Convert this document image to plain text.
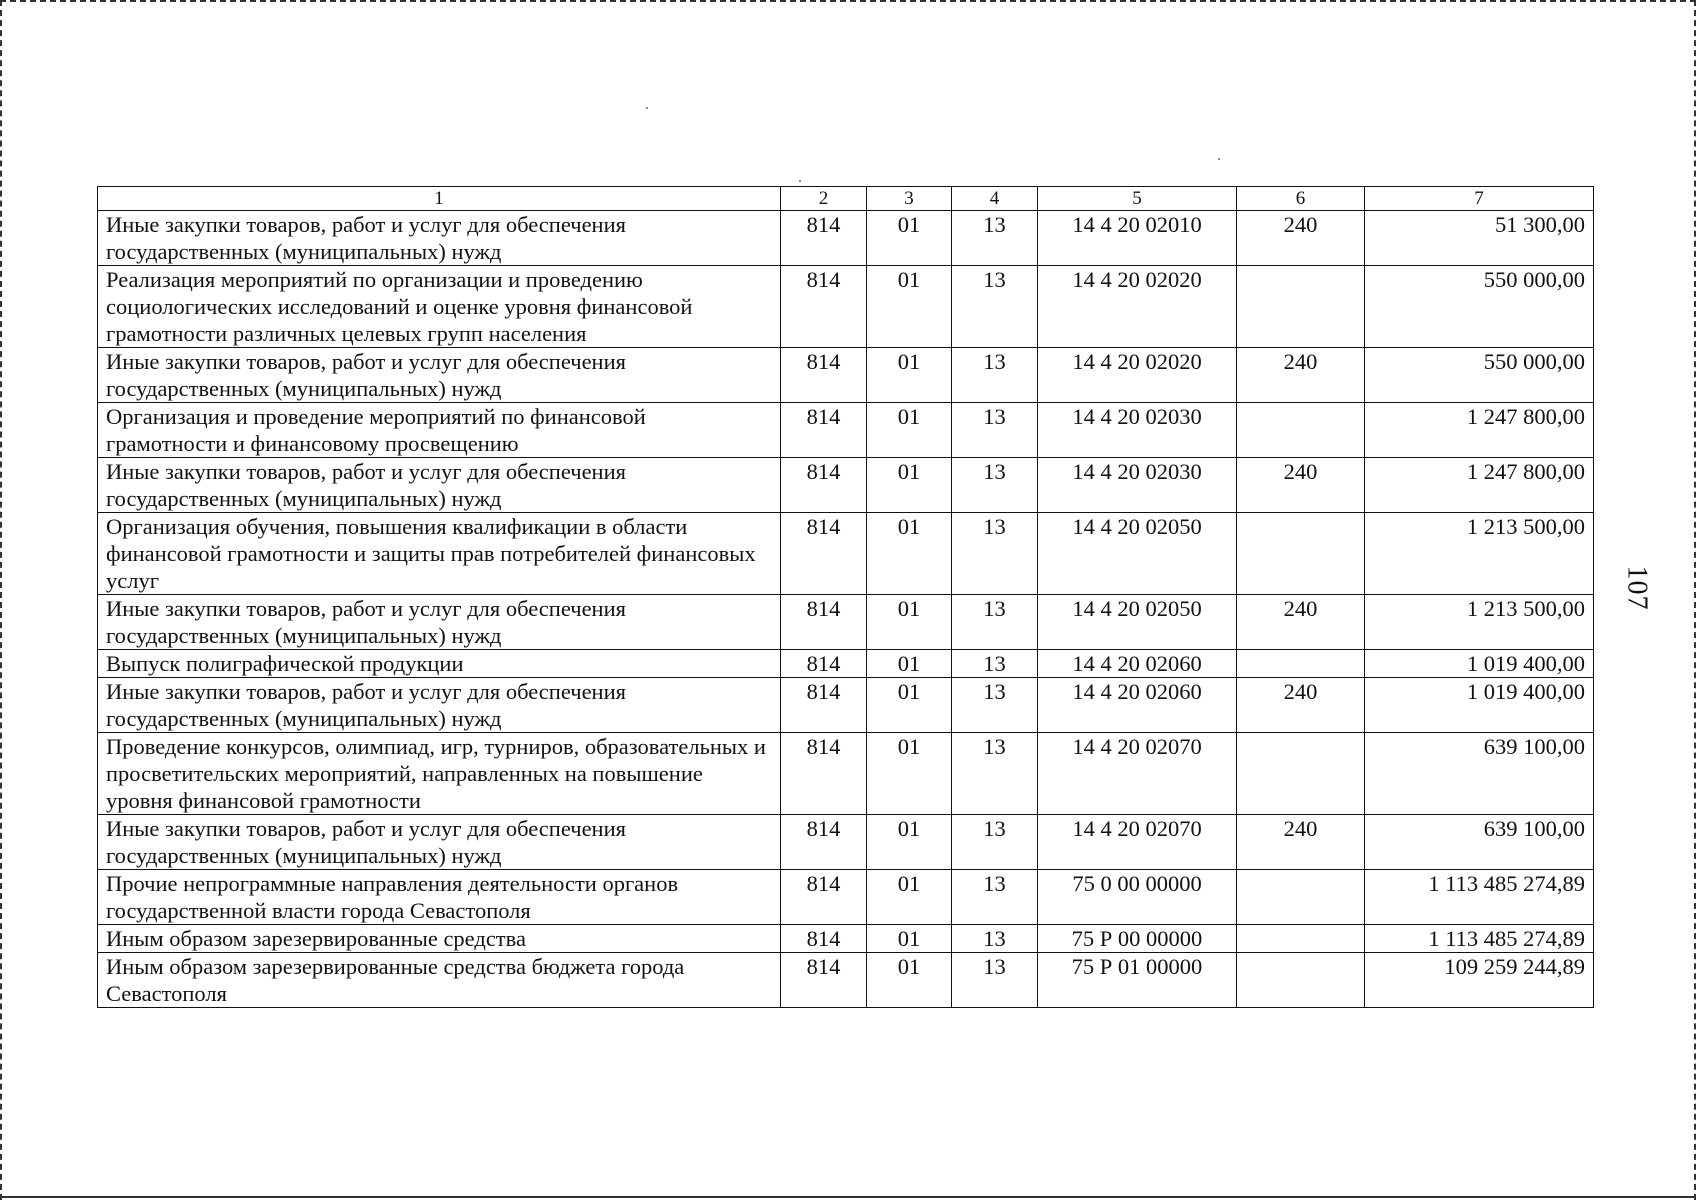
1	2	3	4	5	6	7
Иные закупки товаров, работ и услуг для обеспечения государственных (муниципальных) нужд	814	01	13	14 4 20 02010	240	51 300,00
Реализация мероприятий по организации и проведению социологических исследований и оценке уровня финансовой грамотности различных целевых групп населения	814	01	13	14 4 20 02020		550 000,00
Иные закупки товаров, работ и услуг для обеспечения государственных (муниципальных) нужд	814	01	13	14 4 20 02020	240	550 000,00
Организация и проведение мероприятий по финансовой грамотности и финансовому просвещению	814	01	13	14 4 20 02030		1 247 800,00
Иные закупки товаров, работ и услуг для обеспечения государственных (муниципальных) нужд	814	01	13	14 4 20 02030	240	1 247 800,00
Организация обучения, повышения квалификации в области финансовой грамотности и защиты прав потребителей финансовых услуг	814	01	13	14 4 20 02050		1 213 500,00
Иные закупки товаров, работ и услуг для обеспечения государственных (муниципальных) нужд	814	01	13	14 4 20 02050	240	1 213 500,00
Выпуск полиграфической продукции	814	01	13	14 4 20 02060		1 019 400,00
Иные закупки товаров, работ и услуг для обеспечения государственных (муниципальных) нужд	814	01	13	14 4 20 02060	240	1 019 400,00
Проведение конкурсов, олимпиад, игр, турниров, образовательных и просветительских мероприятий, направленных на повышение уровня финансовой грамотности	814	01	13	14 4 20 02070		639 100,00
Иные закупки товаров, работ и услуг для обеспечения государственных (муниципальных) нужд	814	01	13	14 4 20 02070	240	639 100,00
Прочие непрограммные направления деятельности органов государственной власти города Севастополя	814	01	13	75 0 00 00000		1 113 485 274,89
Иным образом зарезервированные средства	814	01	13	75 Р 00 00000		1 113 485 274,89
Иным образом зарезервированные средства бюджета города Севастополя	814	01	13	75 Р 01 00000		109 259 244,89
107
